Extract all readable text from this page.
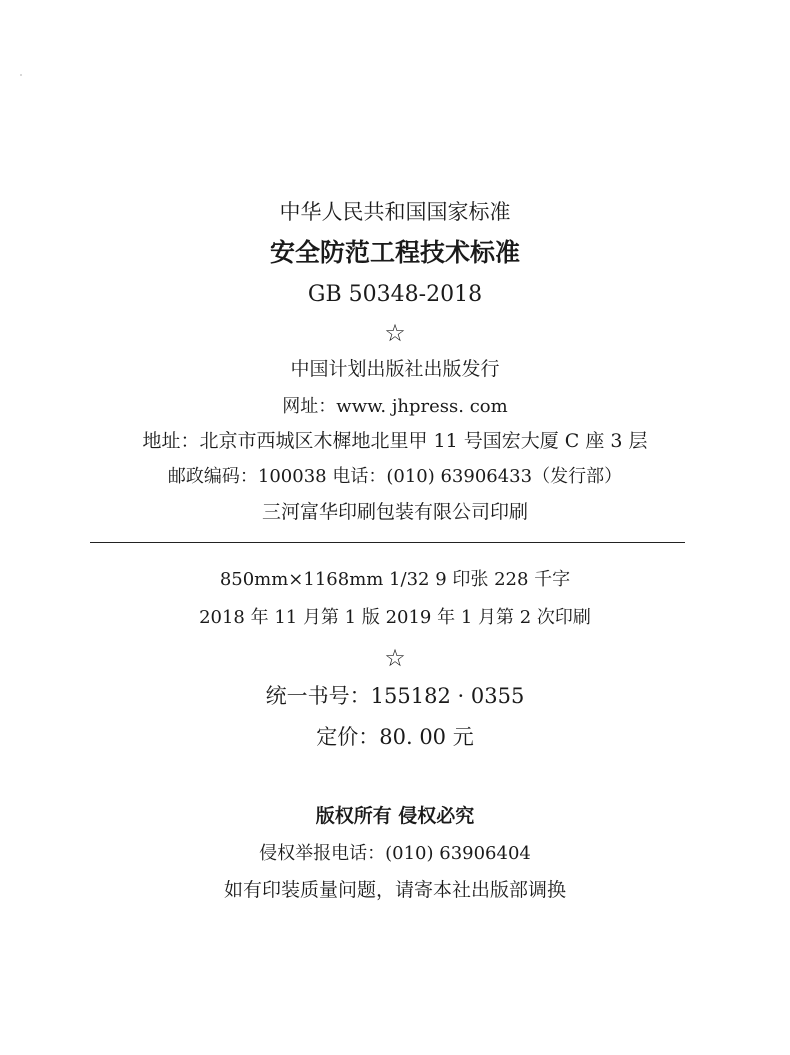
中华人民共和国国家标准
安全防范工程技术标准
GB 50348-2018
☆
中国计划出版社出版发行
网址：www. jhpress. com
地址：北京市西城区木樨地北里甲 11 号国宏大厦 C 座 3 层
邮政编码：100038 电话：(010) 63906433（发行部）
三河富华印刷包装有限公司印刷
850mm×1168mm 1/32 9 印张 228 千字
2018 年 11 月第 1 版 2019 年 1 月第 2 次印刷
☆
统一书号：155182 · 0355
定价：80. 00 元
版权所有 侵权必究
侵权举报电话：(010) 63906404
如有印装质量问题，请寄本社出版部调换
